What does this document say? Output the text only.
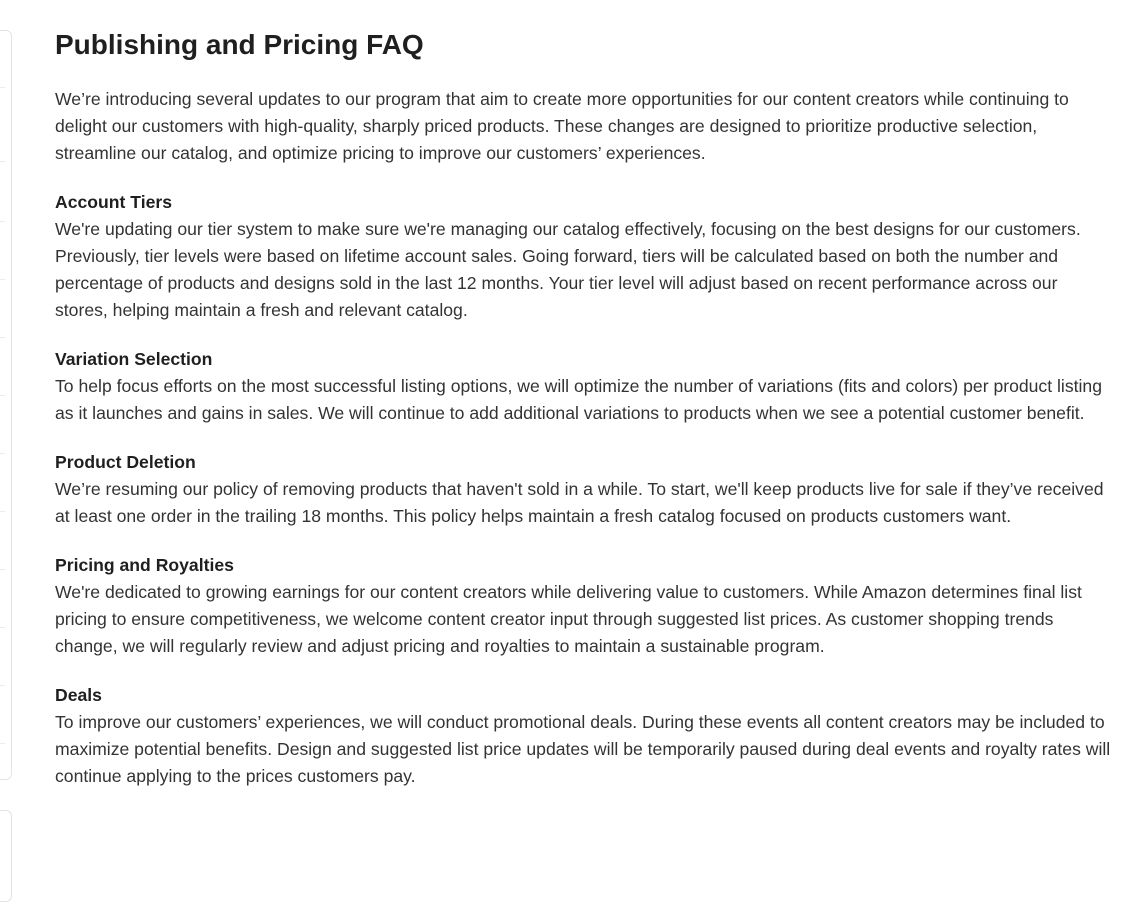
Publishing and Pricing FAQ

We’re introducing several updates to our program that aim to create more opportunities for our content creators while continuing to delight our customers with high-quality, sharply priced products. These changes are designed to prioritize productive selection, streamline our catalog, and optimize pricing to improve our customers’ experiences.

Account Tiers

We're updating our tier system to make sure we're managing our catalog effectively, focusing on the best designs for our customers. Previously, tier levels were based on lifetime account sales. Going forward, tiers will be calculated based on both the number and percentage of products and designs sold in the last 12 months. Your tier level will adjust based on recent performance across our stores, helping maintain a fresh and relevant catalog.

Variation Selection

To help focus efforts on the most successful listing options, we will optimize the number of variations (fits and colors) per product listing as it launches and gains in sales. We will continue to add additional variations to products when we see a potential customer benefit.

Product Deletion

We’re resuming our policy of removing products that haven't sold in a while. To start, we'll keep products live for sale if they’ve received at least one order in the trailing 18 months. This policy helps maintain a fresh catalog focused on products customers want.

Pricing and Royalties

We're dedicated to growing earnings for our content creators while delivering value to customers. While Amazon determines final list pricing to ensure competitiveness, we welcome content creator input through suggested list prices. As customer shopping trends change, we will regularly review and adjust pricing and royalties to maintain a sustainable program.

Deals

To improve our customers’ experiences, we will conduct promotional deals. During these events all content creators may be included to maximize potential benefits. Design and suggested list price updates will be temporarily paused during deal events and royalty rates will continue applying to the prices customers pay.
